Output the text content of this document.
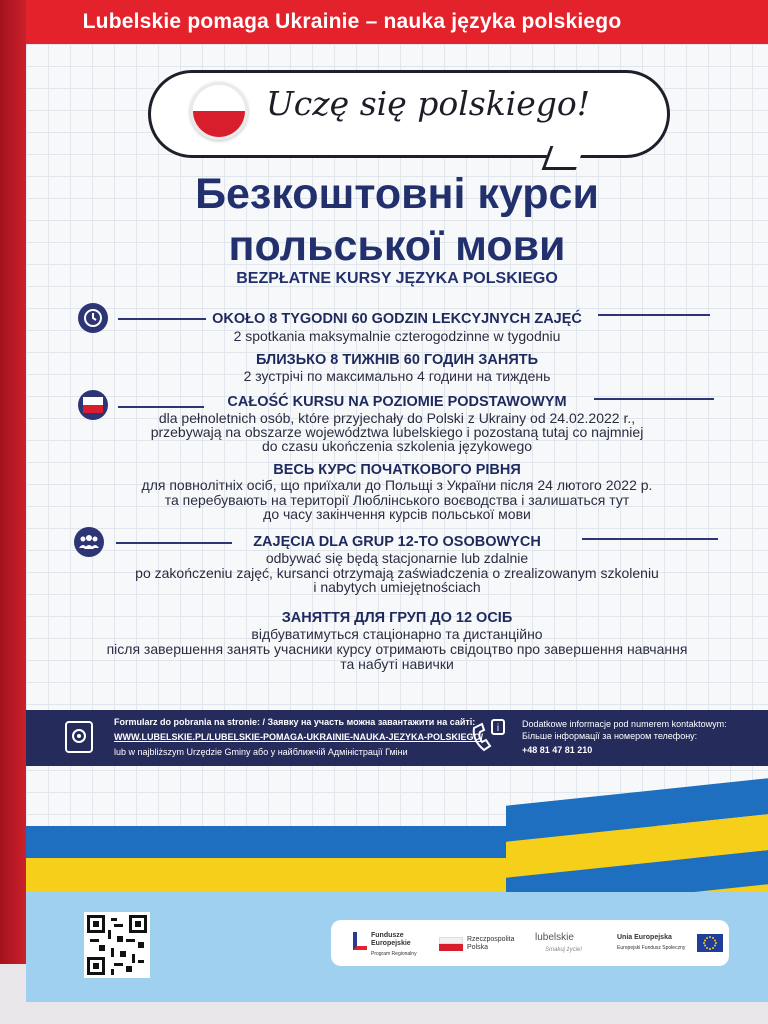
Lubelskie pomaga Ukrainie – nauka języka polskiego
Uczę się polskiego!
Безкоштовні курси
польської мови
BEZPŁATNE KURSY JĘZYKA POLSKIEGO
OKOŁO 8 TYGODNI 60 GODZIN LEKCYJNYCH ZAJĘĆ
2 spotkania maksymalnie czterogodzinne w tygodniu
БЛИЗЬКО 8 ТИЖНІВ 60 ГОДИН ЗАНЯТЬ
2 зустрічі по максимально 4 години на тиждень
CAŁOŚĆ KURSU NA POZIOMIE PODSTAWOWYM
dla pełnoletnich osób, które przyjechały do Polski z Ukrainy od 24.02.2022 r.,
przebywają na obszarze województwa lubelskiego i pozostaną tutaj co najmniej
do czasu ukończenia szkolenia językowego
ВЕСЬ КУРС ПОЧАТКОВОГО РІВНЯ
для повнолітніх осіб, що приїхали до Польщі з України після 24 лютого 2022 р.
та перебувають на території Люблінського воєводства і залишаться тут
до часу закінчення курсів польської мови
ZAJĘCIA DLA GRUP 12-TO OSOBOWYCH
odbywać się będą stacjonarnie lub zdalnie
po zakończeniu zajęć, kursanci otrzymają zaświadczenia o zrealizowanym szkoleniu
i nabytych umiejętnościach
ЗАНЯТТЯ ДЛЯ ГРУП ДО 12 ОСІБ
відбуватимуться стаціонарно та дистанційно
після завершення занять учасники курсу отримають свідоцтво про завершення навчання
та набуті навички
Formularz do pobrania na stronie: / Заявку на участь можна завантажити на сайті:
WWW.LUBELSKIE.PL/LUBELSKIE-POMAGA-UKRAINIE-NAUKA-JEZYKA-POLSKIEGO/
lub w najbliższym Urzędzie Gminy або у найближчій Адміністрації Гміни
i	Dodatkowe informacje pod numerem kontaktowym:
Більше інформації за номером телефону:
+48 81 47 81 210
Fundusze Europejskie
Program Regionalny
Rzeczpospolita Polska
lubelskie
Smakuj życie!
Unia Europejska
Europejski Fundusz Społeczny
